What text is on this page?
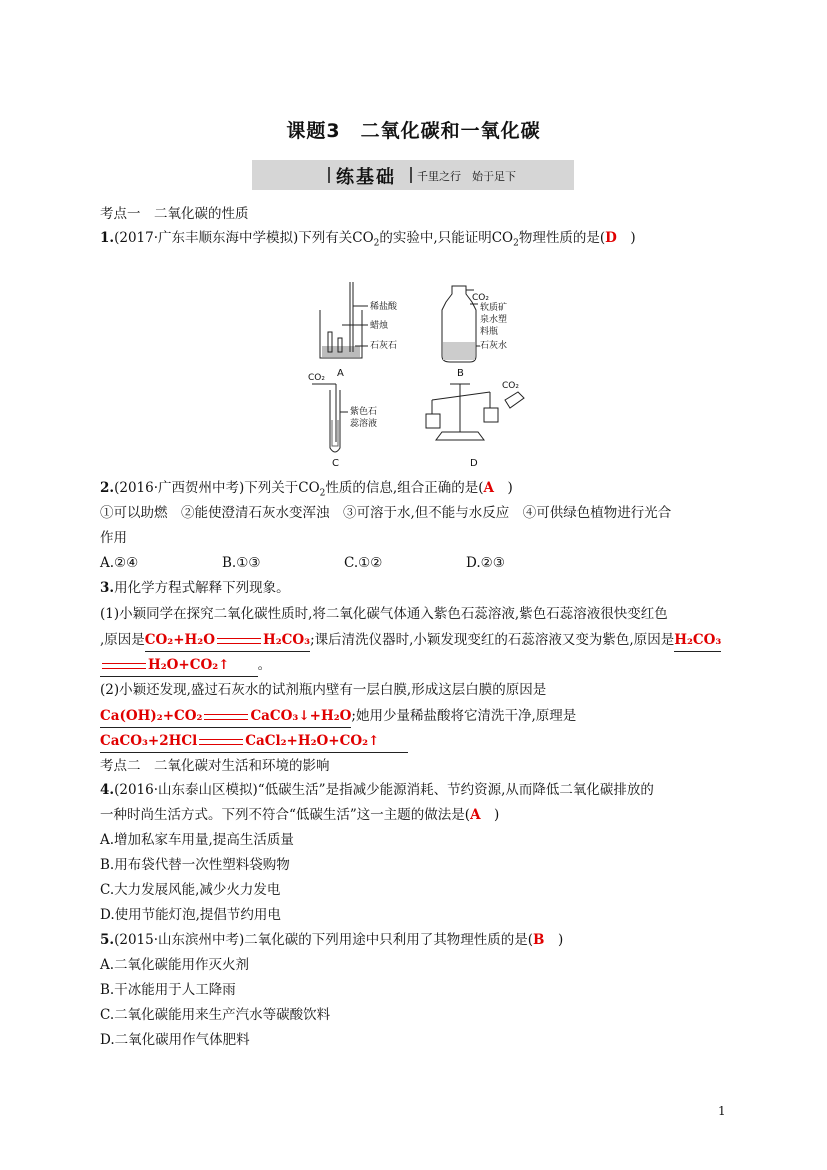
课题3　二氧化碳和一氧化碳
练基础 千里之行　始于足下
考点一　二氧化碳的性质
1.(2017·广东丰顺东海中学模拟)下列有关$CO_2$的实验中,只能证明$CO_2$物理性质的是(D　)
稀盐酸
蜡烛
石灰石
A
CO₂
软质矿
泉水塑
料瓶
石灰水
B
CO₂
紫色石
蕊溶液
C
CO₂
D
2.(2016·广西贺州中考)下列关于$CO_2$性质的信息,组合正确的是(A　)
①可以助燃　②能使澄清石灰水变浑浊　③可溶于水,但不能与水反应　④可供绿色植物进行光合
作用
A.②④	B.①③	C.①②	D.②③
3.用化学方程式解释下列现象。
(1)小颖同学在探究二氧化碳性质时,将二氧化碳气体通入紫色石蕊溶液,紫色石蕊溶液很快变红色
,原因是CO₂+H₂O	H₂CO₃;课后清洗仪器时,小颖发现变红的石蕊溶液又变为紫色,原因是H₂CO₃
H₂O+CO₂↑ 。
(2)小颖还发现,盛过石灰水的试剂瓶内壁有一层白膜,形成这层白膜的原因是
Ca(OH)₂+CO₂	CaCO₃↓+H₂O;她用少量稀盐酸将它清洗干净,原理是
CaCO₃+2HCl	CaCl₂+H₂O+CO₂↑
考点二　二氧化碳对生活和环境的影响
4.(2016·山东泰山区模拟)“低碳生活”是指减少能源消耗、节约资源,从而降低二氧化碳排放的
一种时尚生活方式。下列不符合“低碳生活”这一主题的做法是(A　)
A.增加私家车用量,提高生活质量
B.用布袋代替一次性塑料袋购物
C.大力发展风能,减少火力发电
D.使用节能灯泡,提倡节约用电
5.(2015·山东滨州中考)二氧化碳的下列用途中只利用了其物理性质的是(B　)
A.二氧化碳能用作灭火剂
B.干冰能用于人工降雨
C.二氧化碳能用来生产汽水等碳酸饮料
D.二氧化碳用作气体肥料
1
